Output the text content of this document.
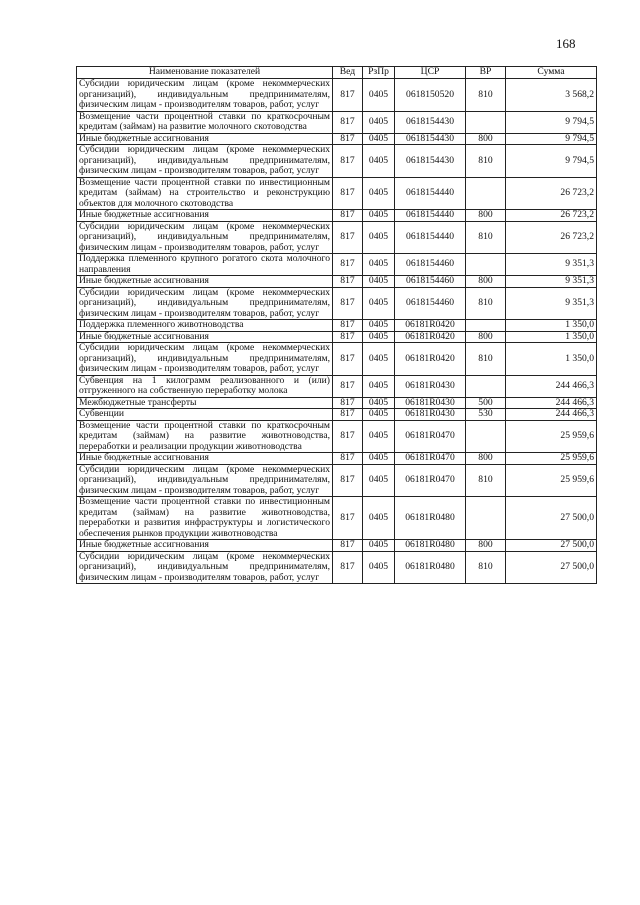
168
Наименование показателей	Вед	РзПр	ЦСР	ВР	Сумма
Субсидии юридическим лицам (кроме некоммерческих организаций), индивидуальным предпринимателям, физическим лицам - производителям товаров, работ, услуг	817	0405	0618150520	810	3 568,2
Возмещение части процентной ставки по краткосрочным кредитам (займам) на развитие молочного скотоводства	817	0405	0618154430		9 794,5
Иные бюджетные ассигнования	817	0405	0618154430	800	9 794,5
Субсидии юридическим лицам (кроме некоммерческих организаций), индивидуальным предпринимателям, физическим лицам - производителям товаров, работ, услуг	817	0405	0618154430	810	9 794,5
Возмещение части процентной ставки по инвестиционным кредитам (займам) на строительство и реконструкцию объектов для молочного скотоводства	817	0405	0618154440		26 723,2
Иные бюджетные ассигнования	817	0405	0618154440	800	26 723,2
Субсидии юридическим лицам (кроме некоммерческих организаций), индивидуальным предпринимателям, физическим лицам - производителям товаров, работ, услуг	817	0405	0618154440	810	26 723,2
Поддержка племенного крупного рогатого скота молочного направления	817	0405	0618154460		9 351,3
Иные бюджетные ассигнования	817	0405	0618154460	800	9 351,3
Субсидии юридическим лицам (кроме некоммерческих организаций), индивидуальным предпринимателям, физическим лицам - производителям товаров, работ, услуг	817	0405	0618154460	810	9 351,3
Поддержка племенного животноводства	817	0405	06181R0420		1 350,0
Иные бюджетные ассигнования	817	0405	06181R0420	800	1 350,0
Субсидии юридическим лицам (кроме некоммерческих организаций), индивидуальным предпринимателям, физическим лицам - производителям товаров, работ, услуг	817	0405	06181R0420	810	1 350,0
Субвенция на 1 килограмм реализованного и (или) отгруженного на собственную переработку молока	817	0405	06181R0430		244 466,3
Межбюджетные трансферты	817	0405	06181R0430	500	244 466,3
Субвенции	817	0405	06181R0430	530	244 466,3
Возмещение части процентной ставки по краткосрочным кредитам (займам) на развитие животноводства, переработки и реализации продукции животноводства	817	0405	06181R0470		25 959,6
Иные бюджетные ассигнования	817	0405	06181R0470	800	25 959,6
Субсидии юридическим лицам (кроме некоммерческих организаций), индивидуальным предпринимателям, физическим лицам - производителям товаров, работ, услуг	817	0405	06181R0470	810	25 959,6
Возмещение части процентной ставки по инвестиционным кредитам (займам) на развитие животноводства, переработки и развития инфраструктуры и логистического обеспечения рынков продукции животноводства	817	0405	06181R0480		27 500,0
Иные бюджетные ассигнования	817	0405	06181R0480	800	27 500,0
Субсидии юридическим лицам (кроме некоммерческих организаций), индивидуальным предпринимателям, физическим лицам - производителям товаров, работ, услуг	817	0405	06181R0480	810	27 500,0
